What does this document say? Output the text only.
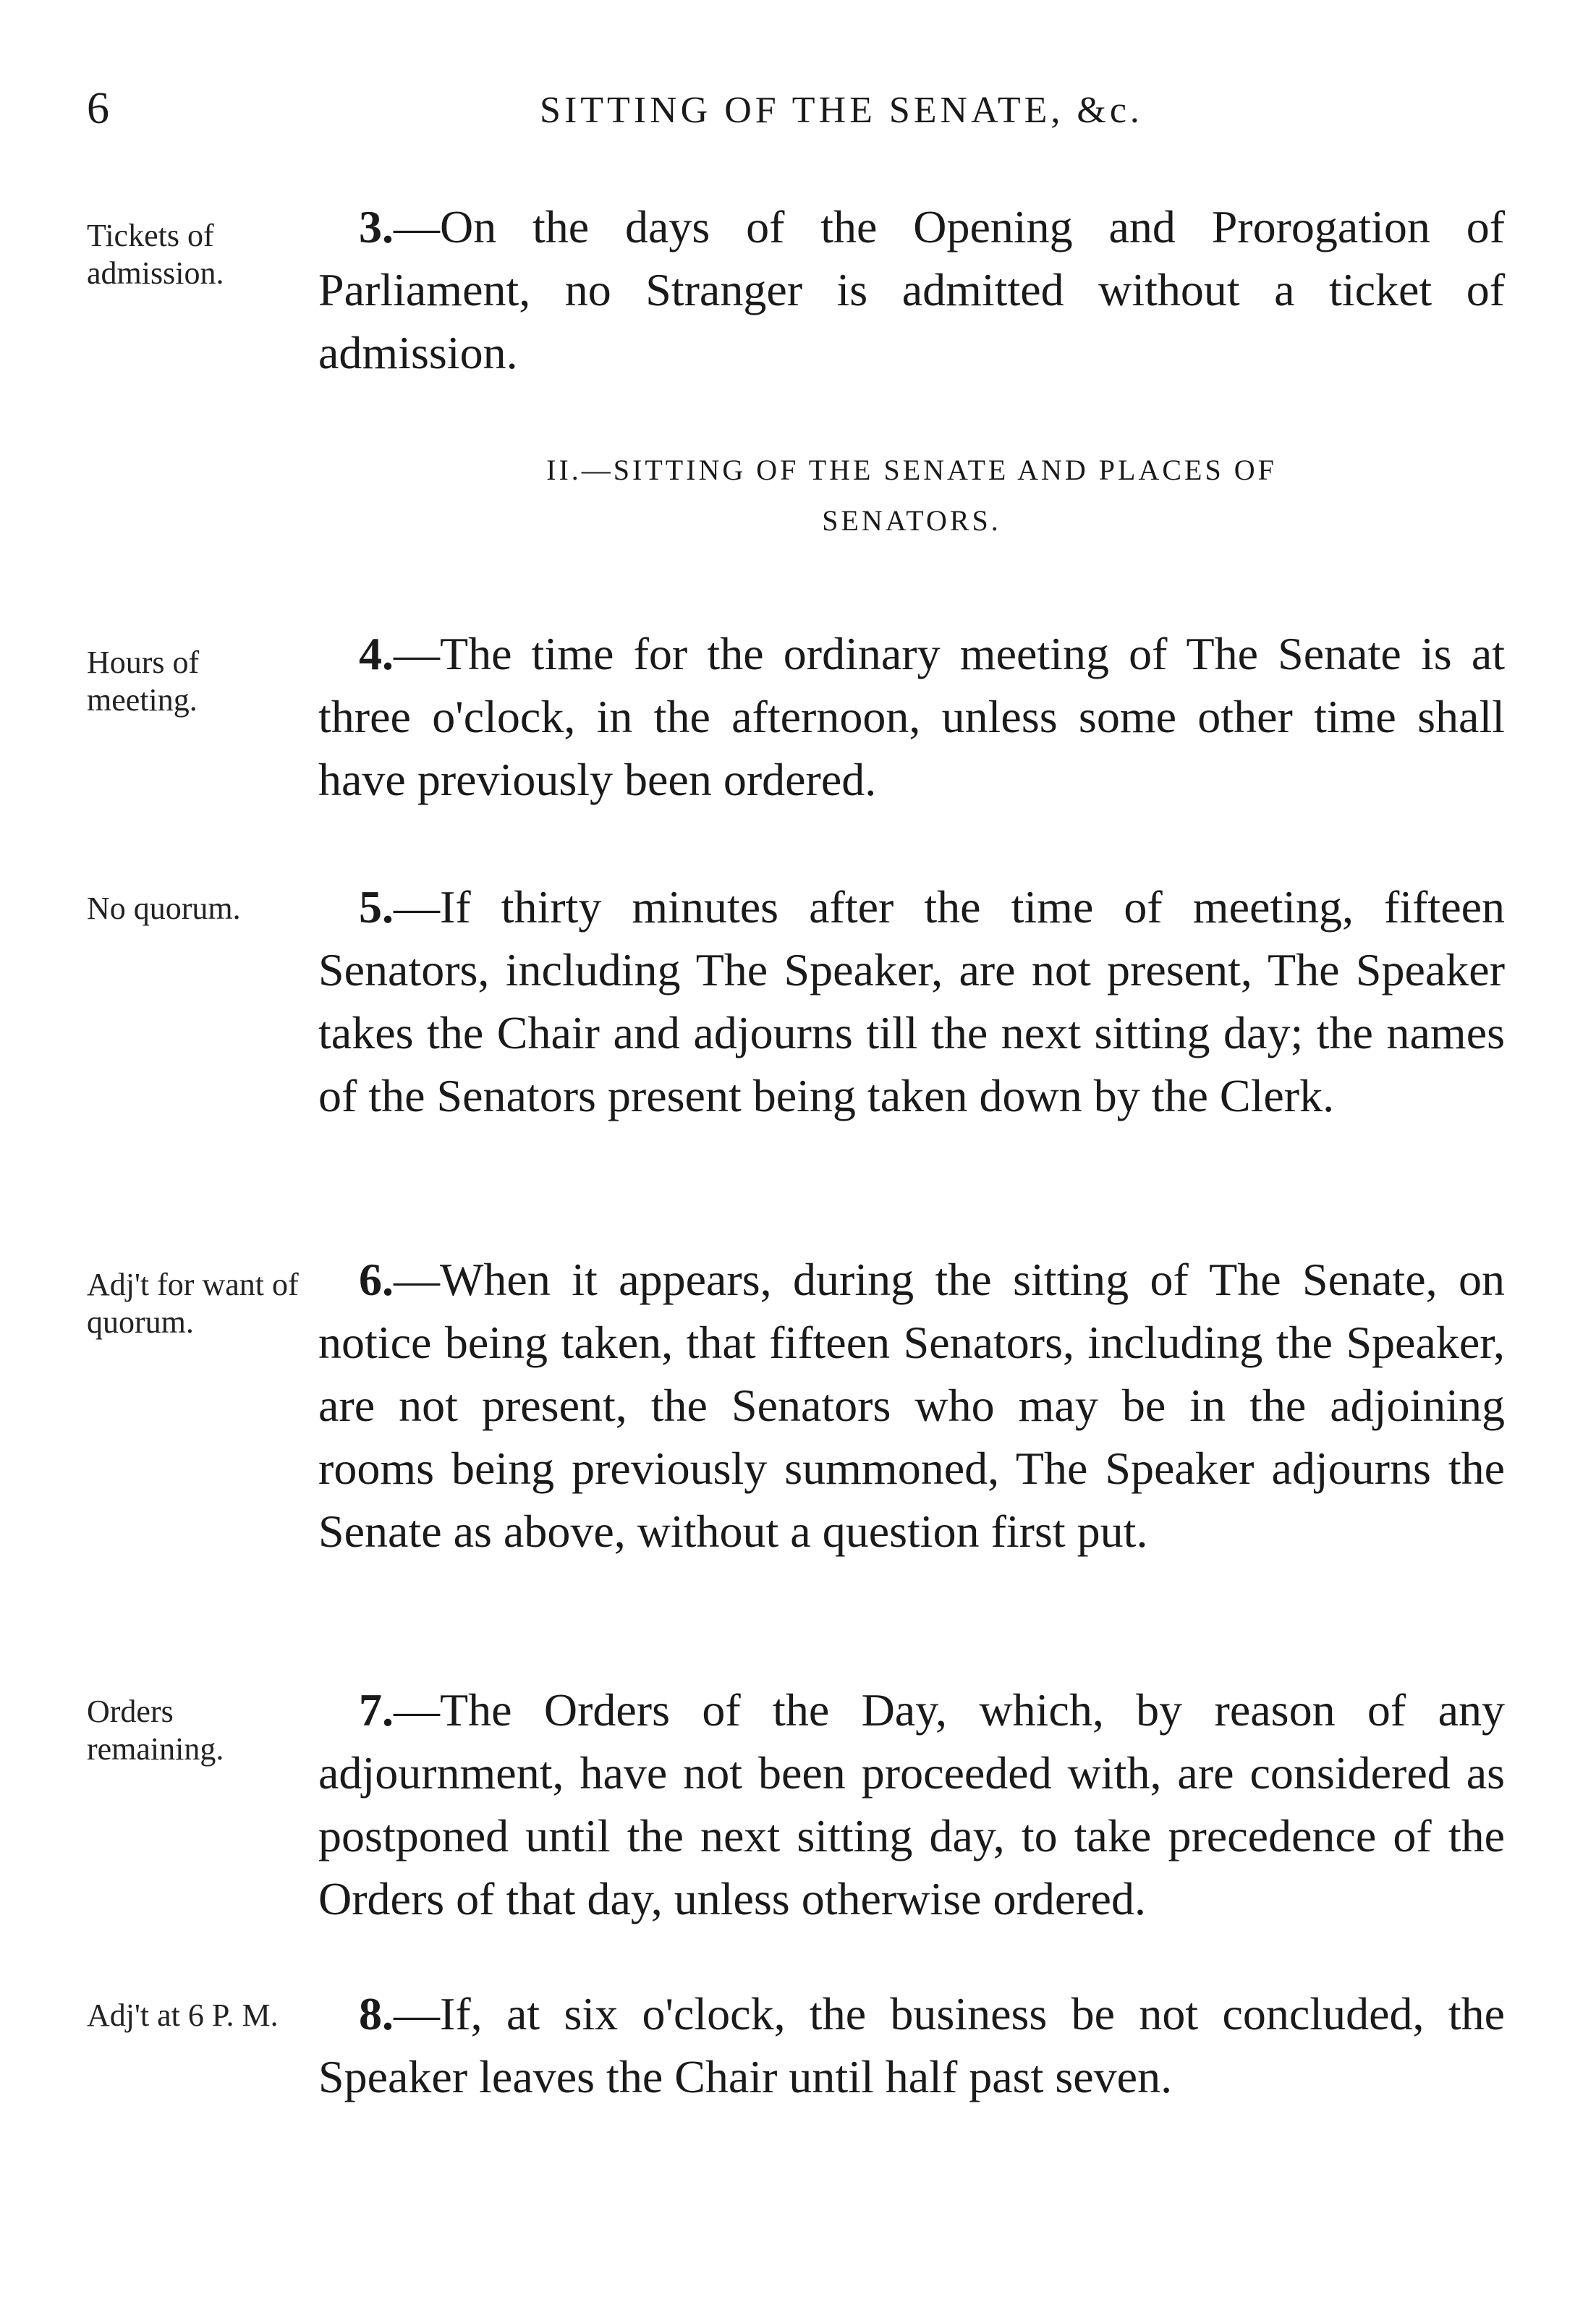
6	SITTING OF THE SENATE, &c.
Tickets of admission.

3.—On the days of the Opening and Prorogation of Parliament, no Stranger is admitted without a ticket of admission.

II.—SITTING OF THE SENATE AND PLACES OF
SENATORS.
Hours of meeting.

4.—The time for the ordinary meeting of The Senate is at three o'clock, in the afternoon, unless some other time shall have previously been ordered.

No quorum.	5.—If thirty minutes after the time of meeting, fifteen Senators, including The Speaker, are not present, The Speaker takes the Chair and adjourns till the next sitting day; the names of the Senators present being taken down by the Clerk.

Adj't for want of quorum.

6.—When it appears, during the sitting of The Senate, on notice being taken, that fifteen Senators, including the Speaker, are not present, the Senators who may be in the adjoining rooms being previously summoned, The Speaker adjourns the Senate as above, without a question first put.

Orders remaining.

7.—The Orders of the Day, which, by reason of any adjournment, have not been proceeded with, are considered as postponed until the next sitting day, to take precedence of the Orders of that day, unless otherwise ordered.

Adj't at 6 P. M.	8.—If, at six o'clock, the business be not concluded, the Speaker leaves the Chair until half past seven.
